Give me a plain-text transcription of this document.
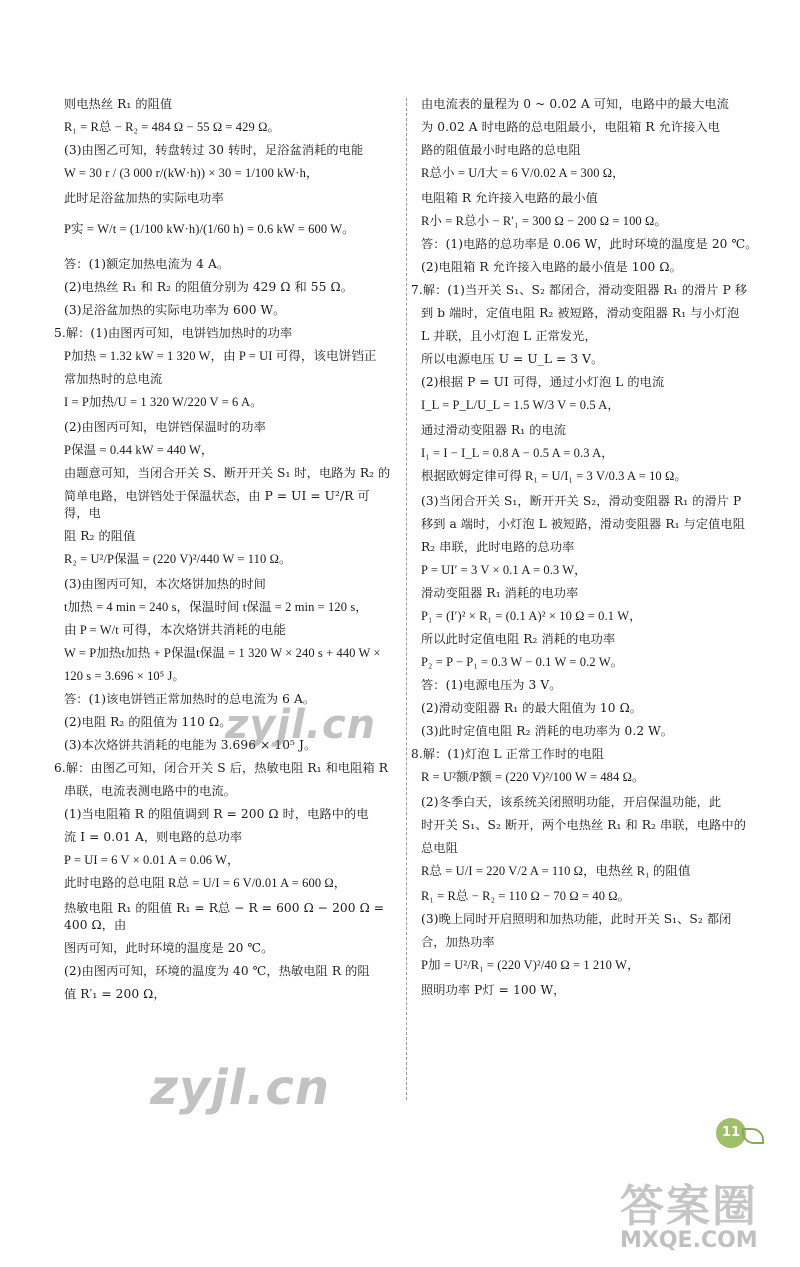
则电热丝 R₁ 的阻值

R₁ = R总 − R₂ = 484 Ω − 55 Ω = 429 Ω。

(3)由图乙可知，转盘转过 30 转时，足浴盆消耗的电能

W = 30 r / (3 000 r/(kW·h)) × 30 = 1/100 kW·h，

此时足浴盆加热的实际电功率

P实 = W/t = (1/100 kW·h)/(1/60 h) = 0.6 kW = 600 W。

答：(1)额定加热电流为 4 A。

(2)电热丝 R₁ 和 R₂ 的阻值分别为 429 Ω 和 55 Ω。

(3)足浴盆加热的实际电功率为 600 W。

5.解：(1)由图丙可知，电饼铛加热时的功率

P加热 = 1.32 kW = 1 320 W，由 P = UI 可得，该电饼铛正

常加热时的总电流

I = P加热/U = 1 320 W/220 V = 6 A。

(2)由图丙可知，电饼铛保温时的功率

P保温 = 0.44 kW = 440 W，

由题意可知，当闭合开关 S、断开开关 S₁ 时，电路为 R₂ 的

简单电路，电饼铛处于保温状态，由 P = UI = U²/R 可得，电

阻 R₂ 的阻值

R₂ = U²/P保温 = (220 V)²/440 W = 110 Ω。

(3)由图丙可知，本次烙饼加热的时间

t加热 = 4 min = 240 s，保温时间 t保温 = 2 min = 120 s，

由 P = W/t 可得，本次烙饼共消耗的电能

W = P加热t加热 + P保温t保温 = 1 320 W × 240 s + 440 W ×

120 s = 3.696 × 10⁵ J。

答：(1)该电饼铛正常加热时的总电流为 6 A。

(2)电阻 R₂ 的阻值为 110 Ω。

(3)本次烙饼共消耗的电能为 3.696 × 10⁵ J。

6.解：由图乙可知，闭合开关 S 后，热敏电阻 R₁ 和电阻箱 R

串联，电流表测电路中的电流。

(1)当电阻箱 R 的阻值调到 R = 200 Ω 时，电路中的电

流 I = 0.01 A，则电路的总功率

P = UI = 6 V × 0.01 A = 0.06 W，

此时电路的总电阻 R总 = U/I = 6 V/0.01 A = 600 Ω，

热敏电阻 R₁ 的阻值 R₁ = R总 − R = 600 Ω − 200 Ω = 400 Ω，由

图丙可知，此时环境的温度是 20 ℃。

(2)由图丙可知，环境的温度为 40 ℃，热敏电阻 R 的阻

值 R′₁ = 200 Ω，

由电流表的量程为 0 ~ 0.02 A 可知，电路中的最大电流

为 0.02 A 时电路的总电阻最小，电阻箱 R 允许接入电

路的阻值最小时电路的总电阻

R总小 = U/I大 = 6 V/0.02 A = 300 Ω，

电阻箱 R 允许接入电路的最小值

R小 = R总小 − R′₁ = 300 Ω − 200 Ω = 100 Ω。

答：(1)电路的总功率是 0.06 W，此时环境的温度是 20 ℃。

(2)电阻箱 R 允许接入电路的最小值是 100 Ω。

7.解：(1)当开关 S₁、S₂ 都闭合，滑动变阻器 R₁ 的滑片 P 移

到 b 端时，定值电阻 R₂ 被短路，滑动变阻器 R₁ 与小灯泡

L 并联，且小灯泡 L 正常发光，

所以电源电压 U = U_L = 3 V。

(2)根据 P = UI 可得，通过小灯泡 L 的电流

I_L = P_L/U_L = 1.5 W/3 V = 0.5 A，

通过滑动变阻器 R₁ 的电流

I₁ = I − I_L = 0.8 A − 0.5 A = 0.3 A，

根据欧姆定律可得 R₁ = U/I₁ = 3 V/0.3 A = 10 Ω。

(3)当闭合开关 S₁，断开开关 S₂，滑动变阻器 R₁ 的滑片 P

移到 a 端时，小灯泡 L 被短路，滑动变阻器 R₁ 与定值电阻

R₂ 串联，此时电路的总功率

P = UI′ = 3 V × 0.1 A = 0.3 W，

滑动变阻器 R₁ 消耗的电功率

P₁ = (I′)² × R₁ = (0.1 A)² × 10 Ω = 0.1 W，

所以此时定值电阻 R₂ 消耗的电功率

P₂ = P − P₁ = 0.3 W − 0.1 W = 0.2 W。

答：(1)电源电压为 3 V。

(2)滑动变阻器 R₁ 的最大阻值为 10 Ω。

(3)此时定值电阻 R₂ 消耗的电功率为 0.2 W。

8.解：(1)灯泡 L 正常工作时的电阻

R = U²额/P额 = (220 V)²/100 W = 484 Ω。

(2)冬季白天，该系统关闭照明功能，开启保温功能，此

时开关 S₁、S₂ 断开，两个电热丝 R₁ 和 R₂ 串联，电路中的

总电阻

R总 = U/I = 220 V/2 A = 110 Ω，电热丝 R₁ 的阻值

R₁ = R总 − R₂ = 110 Ω − 70 Ω = 40 Ω。

(3)晚上同时开启照明和加热功能，此时开关 S₁、S₂ 都闭

合，加热功率

P加 = U²/R₁ = (220 V)²/40 Ω = 1 210 W，

照明功率 P灯 = 100 W，

zyjl.cn
zyjl.cn
11
答案圈
MXQE.COM
